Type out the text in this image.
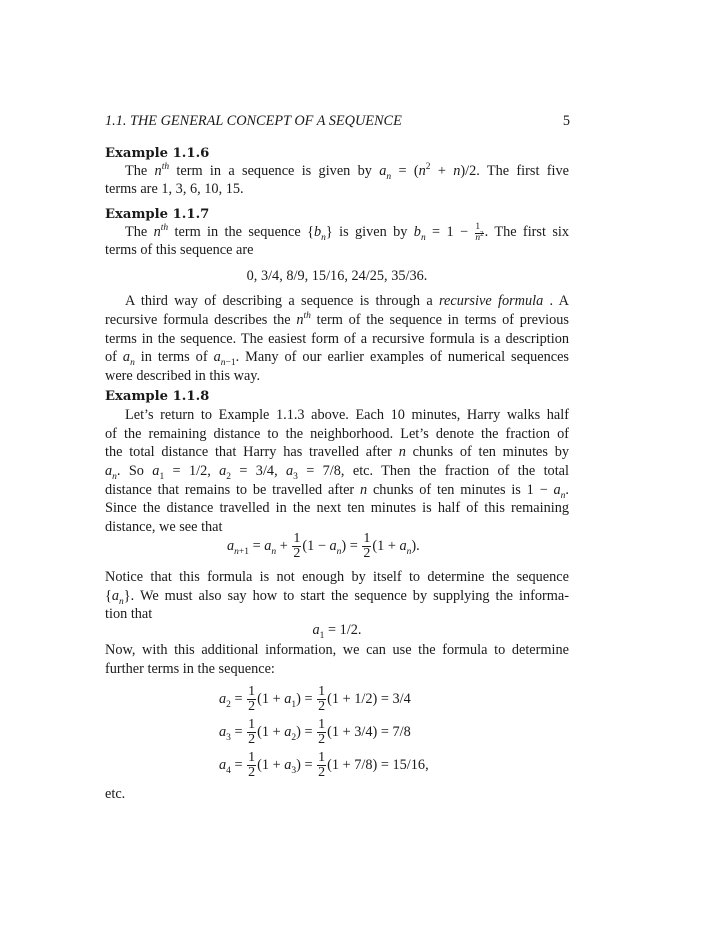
1.1. THE GENERAL CONCEPT OF A SEQUENCE	5
Example 1.1.6
The $n^{th}$ term in a sequence is given by $a_n = (n^2 + n)/2$. The first five
terms are 1, 3, 6, 10, 15.
Example 1.1.7
The $n^{th}$ term in the sequence $\{b_n\}$ is given by $b_n = 1 - \frac{1}{n^2}$ . The first six
terms of this sequence are
0, 3/4, 8/9, 15/16, 24/25, 35/36.
A third way of describing a sequence is through a recursive formula . A
recursive formula describes the $n^{th}$ term of the sequence in terms of previous
terms in the sequence. The easiest form of a recursive formula is a description
of $a_n$ in terms of $a_{n-1}$. Many of our earlier examples of numerical sequences
were described in this way.
Example 1.1.8
Let’s return to Example 1.1.3 above. Each 10 minutes, Harry walks half
of the remaining distance to the neighborhood. Let’s denote the fraction of
the total distance that Harry has travelled after n chunks of ten minutes by
$a_n$. So $a_1 = 1/2$, $a_2 = 3/4$, $a_3 = 7/8$, etc. Then the fraction of the total
distance that remains to be travelled after n chunks of ten minutes is $1 - a_n$.
Since the distance travelled in the next ten minutes is half of this remaining
distance, we see that
$a_{n+1} = a_n + \frac{1}{2} (1 - a_n) = \frac{1}{2} (1 + a_n)$.
Notice that this formula is not enough by itself to determine the sequence
$\{a_n\}$. We must also say how to start the sequence by supplying the informa-
tion that
$a_1 = 1/2$.
Now, with this additional information, we can use the formula to determine
further terms in the sequence:
$a_2 = \frac{1}{2} (1 + a_1) = \frac{1}{2} (1 + 1/2) = 3/4$
$a_3 = \frac{1}{2} (1 + a_2) = \frac{1}{2} (1 + 3/4) = 7/8$
$a_4 = \frac{1}{2} (1 + a_3) = \frac{1}{2} (1 + 7/8) = 15/16$,
etc.
